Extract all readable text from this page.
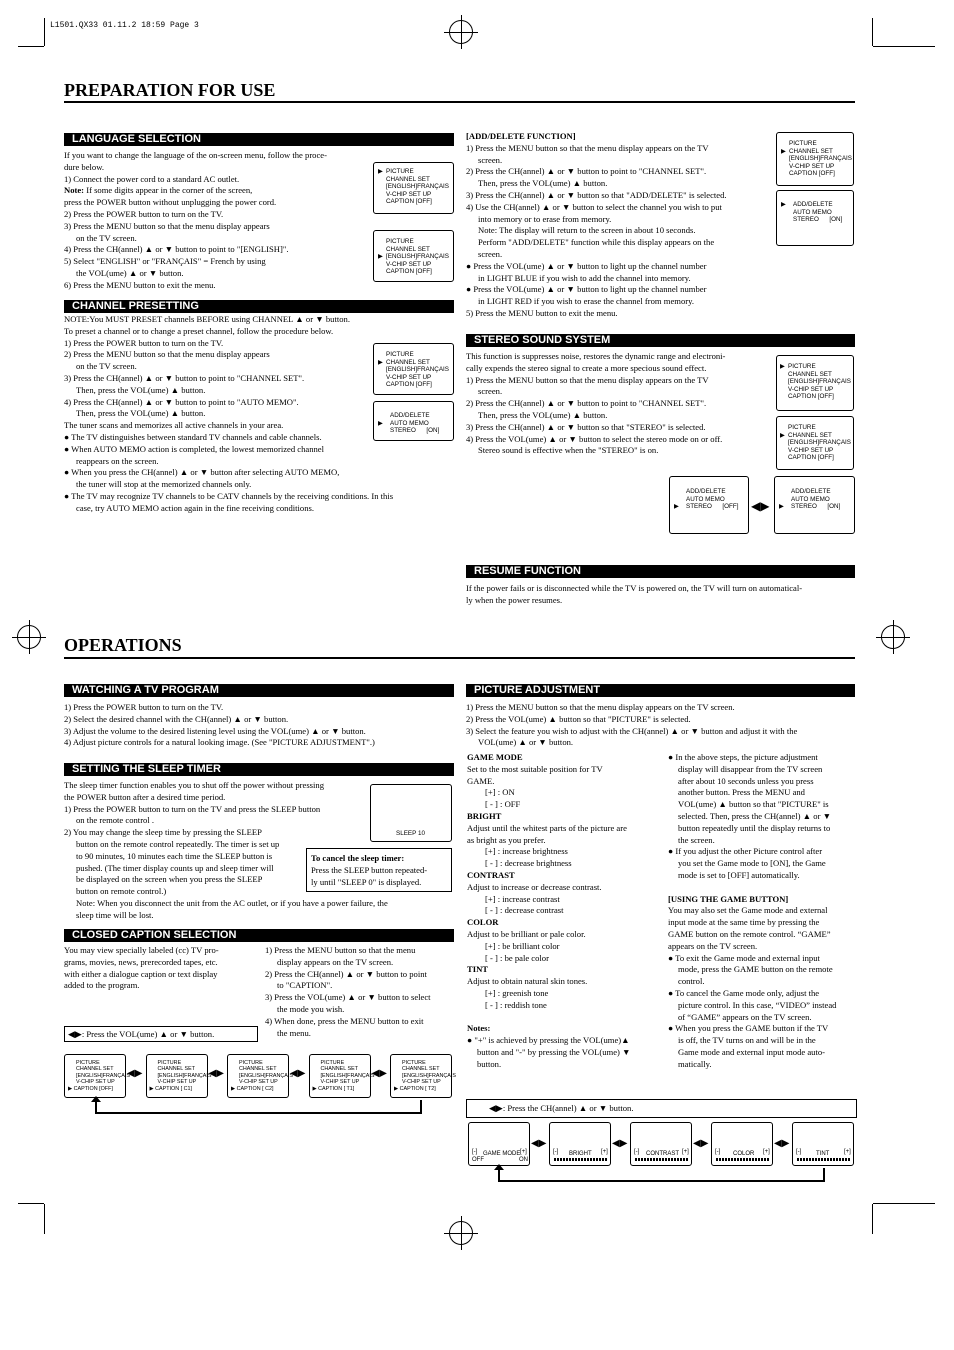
L1501.QX33 01.11.2 18:59 Page 3
PREPARATION FOR USE
LANGUAGE SELECTION

If you want to change the language of the on-screen menu, follow the proce-

dure below.

1) Connect the power cord to a standard AC outlet.

Note: If some digits appear in the corner of the screen,

press the POWER button without unplugging the power cord.

2) Press the POWER button to turn on the TV.

3) Press the MENU button so that the menu display appears

on the TV screen.

4) Press the CH(annel) ▲ or ▼ button to point to "[ENGLISH]".

5) Select "ENGLISH" or "FRANÇAIS" = French by using

the VOL(ume) ▲ or ▼ button.

6) Press the MENU button to exit the menu.

▶ PICTURE
CHANNEL SET
[ENGLISH]FRANÇAIS
V-CHIP SET UP
CAPTION [OFF]
PICTURE
CHANNEL SET
▶ [ENGLISH]FRANÇAIS
V-CHIP SET UP
CAPTION [OFF]
CHANNEL PRESETTING

NOTE:You MUST PRESET channels BEFORE using CHANNEL ▲ or ▼ button.

To preset a channel or to change a preset channel, follow the procedure below.

1) Press the POWER button to turn on the TV.

2) Press the MENU button so that the menu display appears

on the TV screen.

3) Press the CH(annel) ▲ or ▼ button to point to "CHANNEL SET".

Then, press the VOL(ume) ▲ button.

4) Press the CH(annel) ▲ or ▼ button to point to "AUTO MEMO".

Then, press the VOL(ume) ▲ button.

The tuner scans and memorizes all active channels in your area.

● The TV distinguishes between standard TV channels and cable channels.

● When AUTO MEMO action is completed, the lowest memorized channel

reappears on the screen.

● When you press the CH(annel) ▲ or ▼ button after selecting AUTO MEMO,

the tuner will stop at the memorized channels only.

● The TV may recognize TV channels to be CATV channels by the receiving conditions. In this

case, try AUTO MEMO action again in the fine receiving conditions.

PICTURE
▶ CHANNEL SET
[ENGLISH]FRANÇAIS
V-CHIP SET UP
CAPTION [OFF]
ADD/DELETE
▶ AUTO MEMO
STEREO [ON]

[ADD/DELETE FUNCTION]

1) Press the MENU button so that the menu display appears on the TV

screen.

2) Press the CH(annel) ▲ or ▼ button to point to "CHANNEL SET".

Then, press the VOL(ume) ▲ button.

3) Press the CH(annel) ▲ or ▼ button so that "ADD/DELETE" is selected.

4) Use the CH(annel) ▲ or ▼ button to select the channel you wish to put

into memory or to erase from memory.

Note: The display will return to the screen in about 10 seconds.

Perform "ADD/DELETE" function while this display appears on the

screen.

● Press the VOL(ume) ▲ or ▼ button to light up the channel number

in LIGHT BLUE if you wish to add the channel into memory.

● Press the VOL(ume) ▲ or ▼ button to light up the channel number

in LIGHT RED if you wish to erase the channel from memory.

5) Press the MENU button to exit the menu.

PICTURE
▶ CHANNEL SET
[ENGLISH]FRANÇAIS
V-CHIP SET UP
CAPTION [OFF]
▶ ADD/DELETE
AUTO MEMO
STEREO [ON]
STEREO SOUND SYSTEM

This function is suppresses noise, restores the dynamic range and electroni-

cally expends the stereo signal to create a more specious sound effect.

1) Press the MENU button so that the menu display appears on the TV

screen.

2) Press the CH(annel) ▲ or ▼ button to point to "CHANNEL SET".

Then, press the VOL(ume) ▲ button.

3) Press the CH(annel) ▲ or ▼ button so that "STEREO" is selected.

4) Press the VOL(ume) ▲ or ▼ button to select the stereo mode on or off.

Stereo sound is effective when the "STEREO" is on.

▶ PICTURE
CHANNEL SET
[ENGLISH]FRANÇAIS
V-CHIP SET UP
CAPTION [OFF]
PICTURE
▶ CHANNEL SET
[ENGLISH]FRANÇAIS
V-CHIP SET UP
CAPTION [OFF]
ADD/DELETE
AUTO MEMO
▶ STEREO [OFF]	◀▶
ADD/DELETE
AUTO MEMO
▶ STEREO [ON]
RESUME FUNCTION

If the power fails or is disconnected while the TV is powered on, the TV will turn on automatical-

ly when the power resumes.

OPERATIONS
WATCHING A TV PROGRAM

1) Press the POWER button to turn on the TV.

2) Select the desired channel with the CH(annel) ▲ or ▼ button.

3) Adjust the volume to the desired listening level using the VOL(ume) ▲ or ▼ button.

4) Adjust picture controls for a natural looking image. (See "PICTURE ADJUSTMENT".)

SETTING THE SLEEP TIMER

The sleep timer function enables you to shut off the power without pressing

the POWER button after a desired time period.

1) Press the POWER button to turn on the TV and press the SLEEP button

on the remote control .

2) You may change the sleep time by pressing the SLEEP

button on the remote control repeatedly. The timer is set up

to 90 minutes, 10 minutes each time the SLEEP button is

pushed. (The timer display counts up and sleep timer will

be displayed on the screen when you press the SLEEP

button on remote control.)

Note: When you disconnect the unit from the AC outlet, or if you have a power failure, the

sleep time will be lost.

SLEEP 10
To cancel the sleep timer:
Press the SLEEP button repeated-
ly until "SLEEP 0" is displayed.
CLOSED CAPTION SELECTION

You may view specially labeled (cc) TV pro-

grams, movies, news, prerecorded tapes, etc.

with either a dialogue caption or text display

added to the program.

1) Press the MENU button so that the menu

display appears on the TV screen.

2) Press the CH(annel) ▲ or ▼ button to point

to "CAPTION".

3) Press the VOL(ume) ▲ or ▼ button to select

the mode you wish.

4) When done, press the MENU button to exit

the menu.

◀▶: Press the VOL(ume) ▲ or ▼ button.
PICTURE
CHANNEL SET
[ENGLISH]FRANÇAIS
V-CHIP SET UP
▶ CAPTION [OFF]
◀▶
PICTURE
CHANNEL SET
[ENGLISH]FRANÇAIS
V-CHIP SET UP
▶ CAPTION [ C1]
◀▶
PICTURE
CHANNEL SET
[ENGLISH]FRANÇAIS
V-CHIP SET UP
▶ CAPTION [ C2]
◀▶
PICTURE
CHANNEL SET
[ENGLISH]FRANÇAIS
V-CHIP SET UP
▶ CAPTION [ T1]
◀▶
PICTURE
CHANNEL SET
[ENGLISH]FRANÇAIS
V-CHIP SET UP
▶ CAPTION [ T2]
PICTURE ADJUSTMENT

1) Press the MENU button so that the menu display appears on the TV screen.

2) Press the VOL(ume) ▲ button so that "PICTURE" is selected.

3) Select the feature you wish to adjust with the CH(annel) ▲ or ▼ button and adjust it with the

VOL(ume) ▲ or ▼ button.

GAME MODE

Set to the most suitable position for TV

GAME.

[+] : ON

[ - ] : OFF

BRIGHT

Adjust until the whitest parts of the picture are

as bright as you prefer.

[+] : increase brightness

[ - ] : decrease brightness

CONTRAST

Adjust to increase or decrease contrast.

[+] : increase contrast

[ - ] : decrease contrast

COLOR

Adjust to be brilliant or pale color.

[+] : be brilliant color

[ - ] : be pale color

TINT

Adjust to obtain natural skin tones.

[+] : greenish tone

[ - ] : reddish tone

Notes:

● "+" is achieved by pressing the VOL(ume)▲

button and "-" by pressing the VOL(ume) ▼

button.

● In the above steps, the picture adjustment

display will disappear from the TV screen

after about 10 seconds unless you press

another button. Press the MENU and

VOL(ume) ▲ button so that "PICTURE" is

selected. Then, press the CH(annel) ▲ or ▼

button repeatedly until the display returns to

the screen.

● If you adjust the other Picture control after

you set the Game mode to [ON], the Game

mode is set to [OFF] automatically.

[USING THE GAME BUTTON]

You may also set the Game mode and external

input mode at the same time by pressing the

GAME button on the remote control. “GAME”

appears on the TV screen.

● To exit the Game mode and external input

mode, press the GAME button on the remote

control.

● To cancel the Game mode only, adjust the

picture control. In this case, “VIDEO” instead

of “GAME” appears on the TV screen.

● When you press the GAME button if the TV

is off, the TV turns on and will be in the

Game mode and external input mode auto-

matically.

◀▶: Press the CH(annel) ▲ or ▼ button.
[-] GAME MODE [+]
OFF	ON
◀▶
[-] BRIGHT [+]
◀▶
[-] CONTRAST [+]
◀▶
[-] COLOR [+]
◀▶
[-] TINT [+]
